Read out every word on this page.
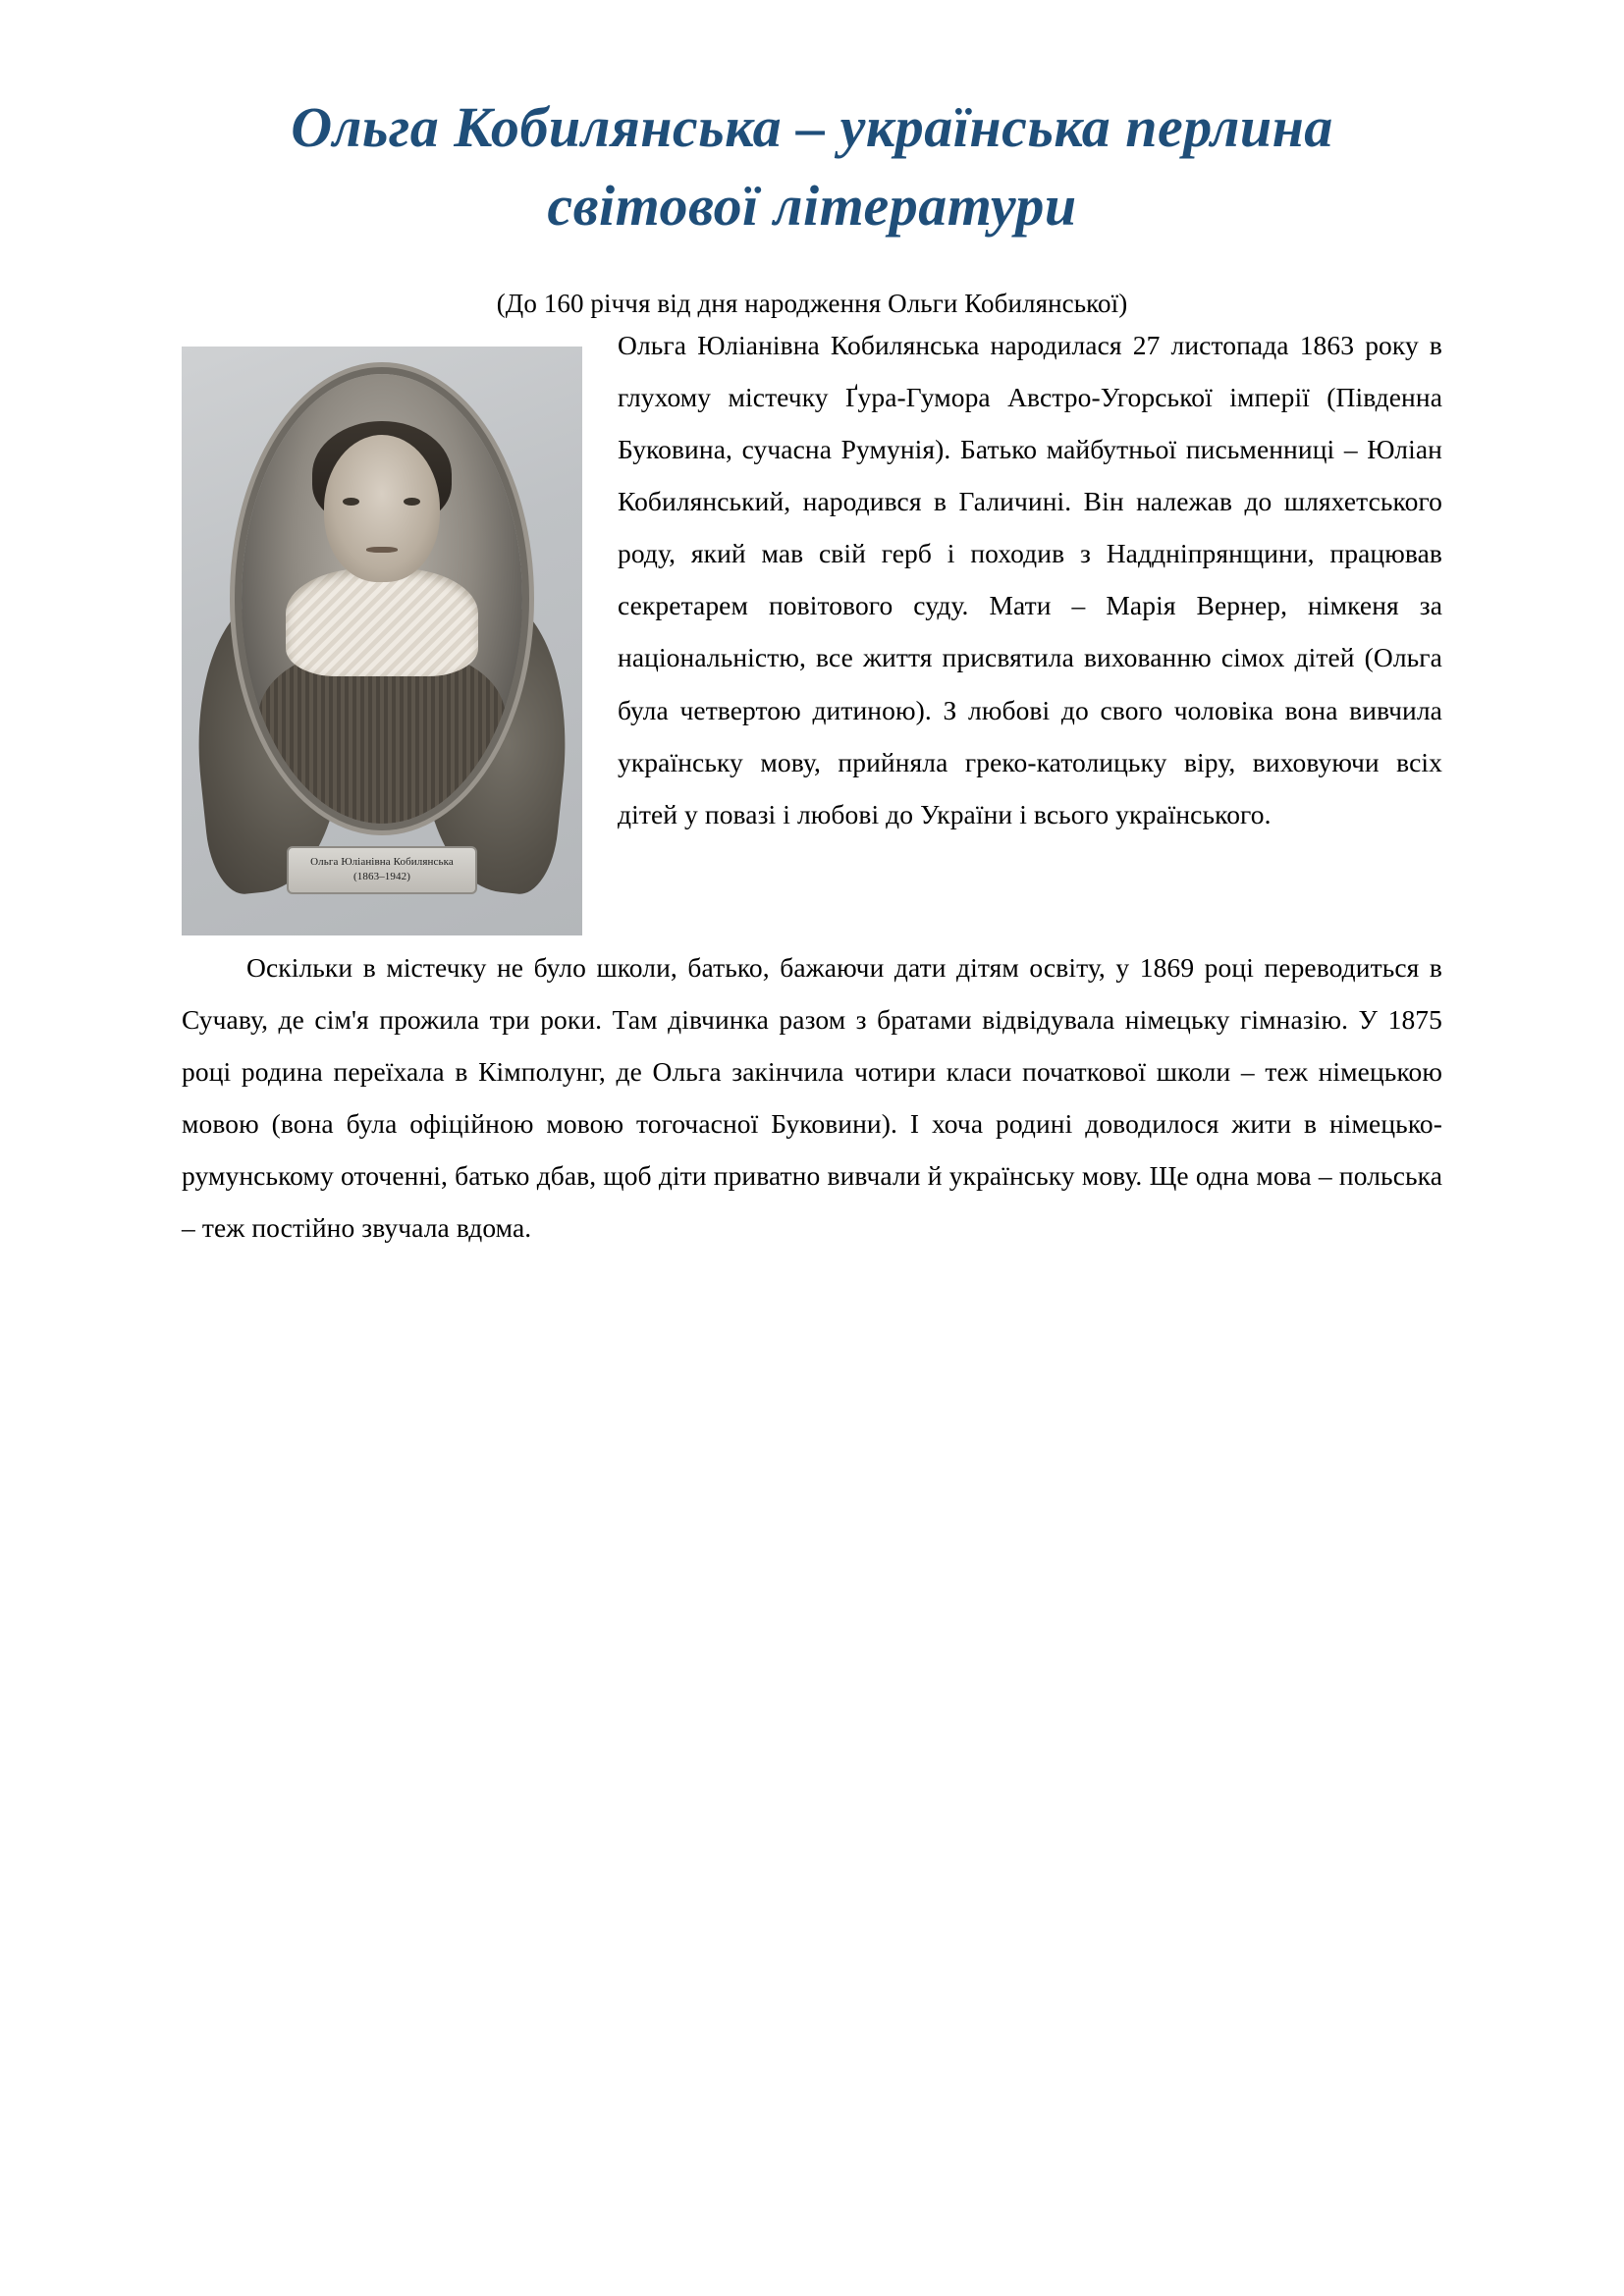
Ольга Кобилянська – українська перлина світової літератури

(До 160 річчя від дня народження Ольги Кобилянської)

Ольга Юліанівна Кобилянська
(1863–1942)

Ольга Юліанівна Кобилянська народилася 27 листопада 1863 року в глухому містечку Ґура-Гумора Австро-Угорської імперії (Південна Буковина, сучасна Румунія). Батько майбутньої письменниці – Юліан Кобилянський, народився в Галичині. Він належав до шляхетського роду, який мав свій герб і походив з Наддніпрянщини, працював секретарем повітового суду. Мати – Марія Вернер, німкеня за національністю, все життя присвятила вихованню сімох дітей (Ольга була четвертою дитиною). З любові до свого чоловіка вона вивчила українську мову, прийняла греко-католицьку віру, виховуючи всіх дітей у повазі і любові до України і всього українського.

Оскільки в містечку не було школи, батько, бажаючи дати дітям освіту, у 1869 році переводиться в Сучаву, де сім'я прожила три роки. Там дівчинка разом з братами відвідувала німецьку гімназію. У 1875 році родина переїхала в Кімполунг, де Ольга закінчила чотири класи початкової школи – теж німецькою мовою (вона була офіційною мовою тогочасної Буковини). І хоча родині доводилося жити в німецько-румунському оточенні, батько дбав, щоб діти приватно вивчали й українську мову. Ще одна мова – польська – теж постійно звучала вдома.
